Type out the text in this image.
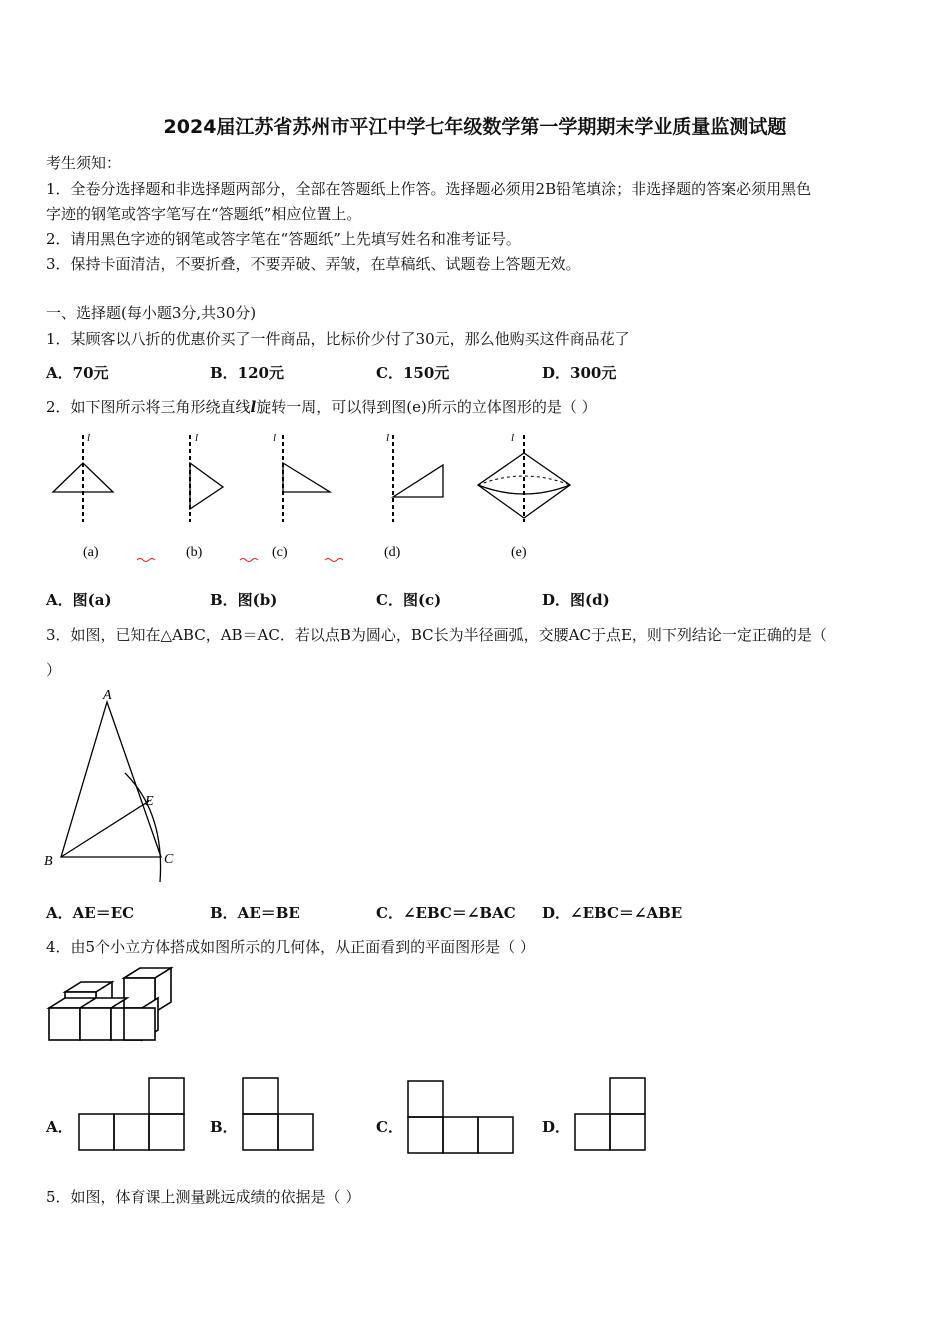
2024届江苏省苏州市平江中学七年级数学第一学期期末学业质量监测试题
考生须知：
1．全卷分选择题和非选择题两部分，全部在答题纸上作答。选择题必须用2B铅笔填涂；非选择题的答案必须用黑色
字迹的钢笔或答字笔写在“答题纸”相应位置上。
2．请用黑色字迹的钢笔或答字笔在“答题纸”上先填写姓名和准考证号。
3．保持卡面清洁，不要折叠，不要弄破、弄皱，在草稿纸、试题卷上答题无效。
一、选择题(每小题3分,共30分)
1．某顾客以八折的优惠价买了一件商品，比标价少付了30元，那么他购买这件商品花了
A．70元	B．120元	C．150元	D．300元
2．如下图所示将三角形绕直线l旋转一周，可以得到图(e)所示的立体图形的是（ ）
l	l	l	l	l
(a)	(b)	(c)	(d)	(e)
A．图(a)	B．图(b)	C．图(c)	D．图(d)
3．如图，已知在△ABC，AB＝AC．若以点B为圆心，BC长为半径画弧，交腰AC于点E，则下列结论一定正确的是（
）
A
B	C
E
A．AE＝EC	B．AE＝BE	C．∠EBC＝∠BAC D．∠EBC＝∠ABE
4．由5个小立方体搭成如图所示的几何体，从正面看到的平面图形是（ ）
A．	B．	C．	D．
5．如图，体育课上测量跳远成绩的依据是（ ）
